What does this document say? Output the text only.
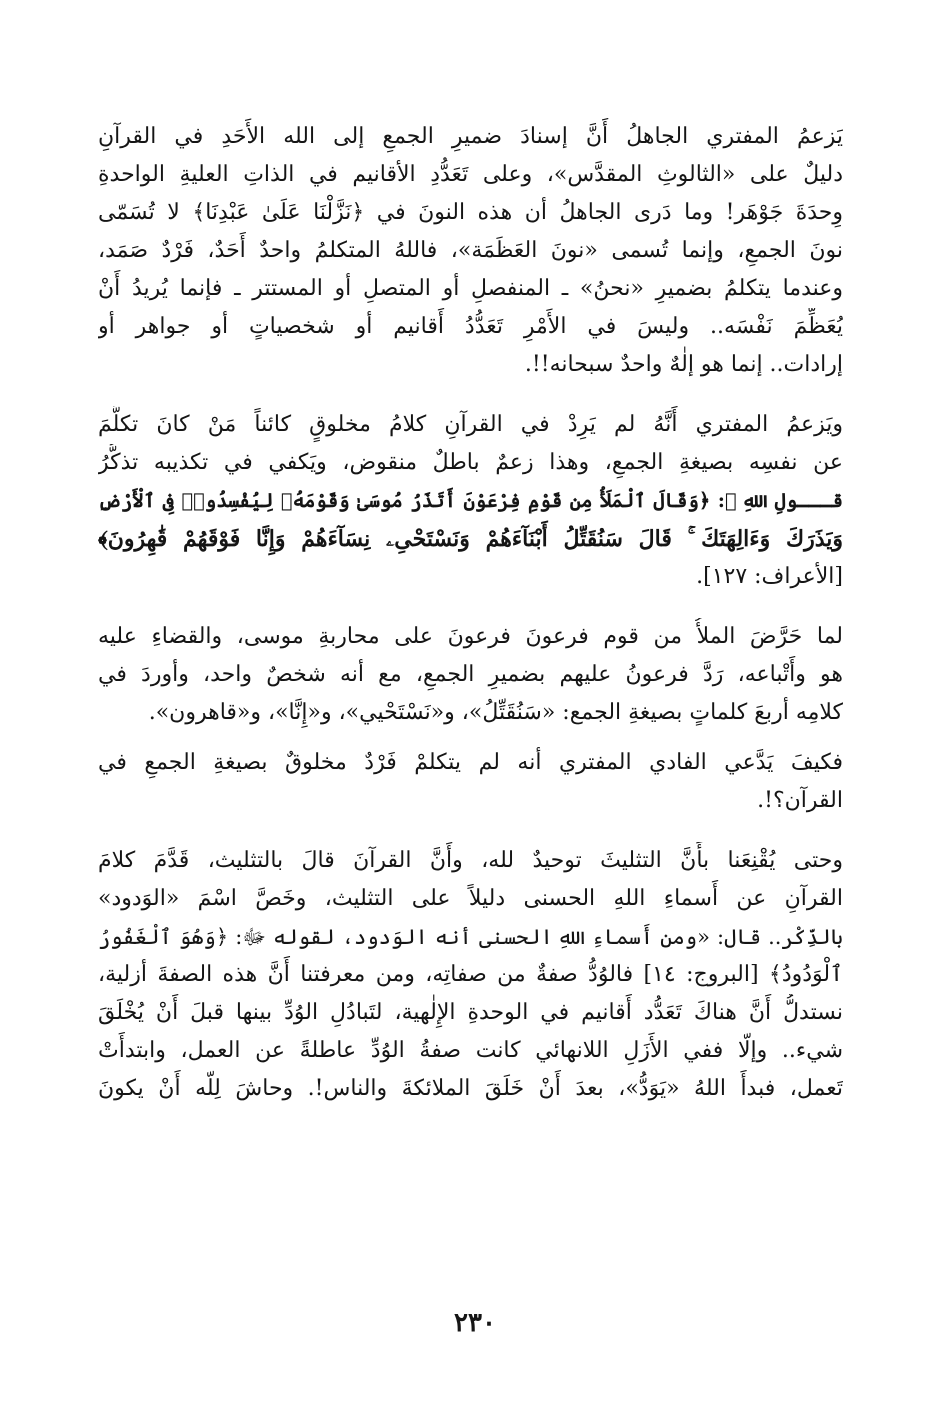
يَزعمُ المفتري الجاهلُ أَنَّ إسنادَ ضميرِ الجمعِ إلى الله الأَحَدِ في القرآنِ
دليلٌ على «الثالوثِ المقدَّس»، وعلى تَعَدُّدِ الأقانيم في الذاتِ العليةِ الواحدةِ
وِحدَةَ جَوْهَر! وما دَرى الجاهلُ أن هذه النونَ في ﴿نَزَّلْنَا عَلَىٰ عَبْدِنَا﴾ لا تُسَمّى
نونَ الجمعِ، وإنما تُسمى «نونَ العَظَمَة»، فاللهُ المتكلمُ واحدٌ أَحَدٌ، فَرْدٌ صَمَد،
وعندما يتكلمُ بضميرِ «نحنُ» ـ المنفصلِ أو المتصلِ أو المستتر ـ فإنما يُريدُ أَنْ
يُعَظِّمَ نَفْسَه.. وليسَ في الأَمْرِ تَعَدُّدُ أَقانيم أو شخصياتٍ أو جواهر أو
إرادات.. إنما هو إلٰهٌ واحدٌ سبحانه!!.

ويَزعمُ المفتري أَنَّهُ لم يَرِدْ في القرآنِ كلامُ مخلوقٍ كائناً مَنْ كانَ تكلَّمَ
عن نفسِه بصيغةِ الجمعِ، وهذا زعمٌ باطلٌ منقوض، ويَكفي في تكذيبه تذكُّرُ
قـــولِ اللهِ ﷻ: ﴿وَقَالَ ٱلْمَلَأُ مِن قَوْمِ فِرْعَوْنَ أَتَذَرُ مُوسَىٰ وَقَوْمَهُۥ لِيُفْسِدُوا۟ فِى ٱلْأَرْضِ
وَيَذَرَكَ وَءَالِهَتَكَ ۚ قَالَ سَنُقَتِّلُ أَبْنَآءَهُمْ وَنَسْتَحْىِۦ نِسَآءَهُمْ وَإِنَّا فَوْقَهُمْ قَٰهِرُونَ﴾
[الأعراف: ١٢٧].

لما حَرَّضَ الملأُ من قوم فرعونَ فرعونَ على محاربةِ موسى، والقضاءِ عليه
هو وأَتْباعه، رَدَّ فرعونُ عليهم بضميرِ الجمعِ، مع أنه شخصٌ واحد، وأوردَ في
كلامِه أربعَ كلماتٍ بصيغةِ الجمع: «سَنُقَتِّلُ»، و«نَسْتَحْيي»، و«إِنَّا»، و«قاهرون».

فكيفَ يَدَّعي الفادي المفتري أنه لم يتكلمْ فَرْدٌ مخلوقٌ بصيغةِ الجمعِ في
القرآن؟!.

وحتى يُقْنِعَنا بأَنَّ التثليثَ توحيدٌ لله، وأَنَّ القرآنَ قالَ بالتثليث، قَدَّمَ كلامَ
القرآنِ عن أَسماءِ اللهِ الحسنى دليلاً على التثليث، وخَصَّ اسْمَ «الوَدود»
بالذِّكْر.. قال: «ومن أَسماءِ اللهِ الحسنى أنه الوَدود، لقوله ﷻ: ﴿وَهُوَ ٱلْغَفُورُ
ٱلْوَدُودُ﴾ [البروج: ١٤] فالوُدُّ صفةٌ من صفاتِه، ومن معرفتنا أَنَّ هذه الصفةَ أزلية،
نستدلُّ أَنَّ هناكَ تَعَدُّد أَقانيم في الوحدةِ الإِلٰهية، لتَبادُلِ الوُدِّ بينها قبلَ أَنْ يُخْلَقَ
شيء.. وإلّا ففي الأَزَلِ اللانهائي كانت صفةُ الوُدِّ عاطلةً عن العمل، وابتدأَتْ
تَعمل، فبدأَ اللهُ «يَوَدُّ»، بعدَ أَنْ خَلَقَ الملائكةَ والناس!. وحاشَ لِلّه أَنْ يكونَ

٢٣٠
